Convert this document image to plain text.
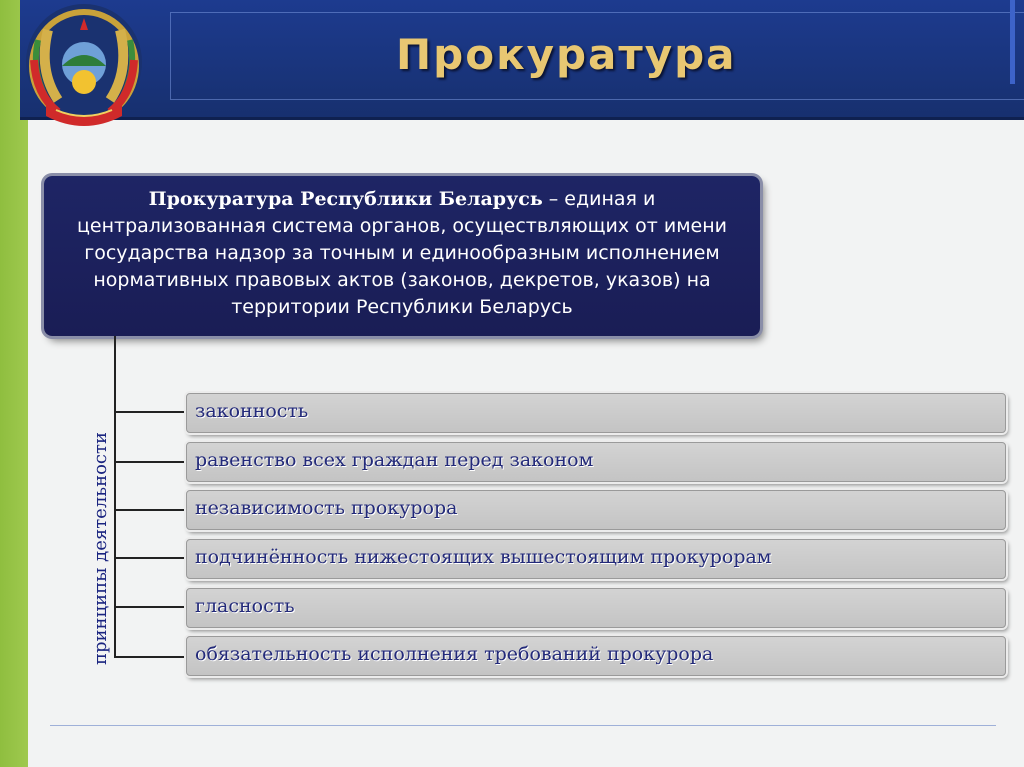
Прокуратура
Прокуратура Республики Беларусь – единая и централизованная система органов, осуществляющих от имени государства надзор за точным и единообразным исполнением нормативных правовых актов (законов, декретов, указов) на территории Республики Беларусь
принципы деятельности
законность
равенство всех граждан перед законом
независимость прокурора
подчинённость нижестоящих вышестоящим прокурорам
гласность
обязательность исполнения требований прокурора
